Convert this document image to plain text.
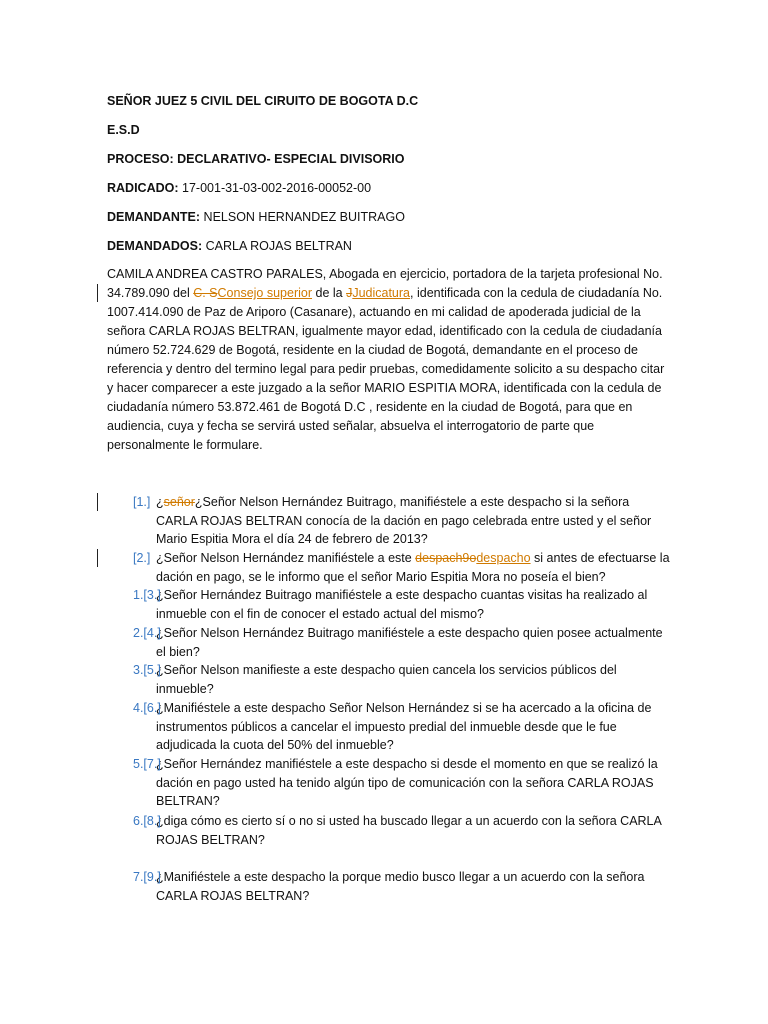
SEÑOR JUEZ 5 CIVIL DEL CIRUITO DE BOGOTA D.C
E.S.D
PROCESO: DECLARATIVO- ESPECIAL DIVISORIO
RADICADO: 17-001-31-03-002-2016-00052-00
DEMANDANTE: NELSON HERNANDEZ BUITRAGO
DEMANDADOS: CARLA ROJAS BELTRAN

CAMILA ANDREA CASTRO PARALES, Abogada en ejercicio, portadora de la tarjeta profesional No. 34.789.090 del C. SConsejo superior de la JJudicatura, identificada con la cedula de ciudadanía No. 1007.414.090 de Paz de Ariporo (Casanare), actuando en mi calidad de apoderada judicial de la señora CARLA ROJAS BELTRAN, igualmente mayor edad, identificado con la cedula de ciudadanía número 52.724.629 de Bogotá, residente en la ciudad de Bogotá, demandante en el proceso de referencia y dentro del termino legal para pedir pruebas, comedidamente solicito a su despacho citar y hacer comparecer a este juzgado a la señor MARIO ESPITIA MORA, identificada con la cedula de ciudadanía número 53.872.461 de Bogotá D.C , residente en la ciudad de Bogotá, para que en audiencia, cuya y fecha se servirá usted señalar, absuelva el interrogatorio de parte que personalmente le formulare.

[1.] ¿señor¿Señor Nelson Hernández Buitrago, manifiéstele a este despacho si la señora CARLA ROJAS BELTRAN conocía de la dación en pago celebrada entre usted y el señor Mario Espitia Mora el día 24 de febrero de 2013?
[2.] ¿Señor Nelson Hernández manifiéstele a este despach9odespacho si antes de efectuarse la dación en pago, se le informo que el señor Mario Espitia Mora no poseía el bien?
1.[3.]
¿Señor Hernández Buitrago manifiéstele a este despacho cuantas visitas ha realizado al inmueble con el fin de conocer el estado actual del mismo?
2.[4.]
¿Señor Nelson Hernández Buitrago manifiéstele a este despacho quien posee actualmente el bien?
3.[5.]
¿Señor Nelson manifieste a este despacho quien cancela los servicios públicos del inmueble?
4.[6.]
¿Manifiéstele a este despacho Señor Nelson Hernández si se ha acercado a la oficina de instrumentos públicos a cancelar el impuesto predial del inmueble desde que le fue adjudicada la cuota del 50% del inmueble?
5.[7.]
¿Señor Hernández manifiéstele a este despacho si desde el momento en que se realizó la dación en pago usted ha tenido algún tipo de comunicación con la señora CARLA ROJAS BELTRAN?
6.[8.]
¿diga cómo es cierto sí o no si usted ha buscado llegar a un acuerdo con la señora CARLA ROJAS BELTRAN?
7.[9.]
¿Manifiéstele a este despacho la porque medio busco llegar a un acuerdo con la señora CARLA ROJAS BELTRAN?
